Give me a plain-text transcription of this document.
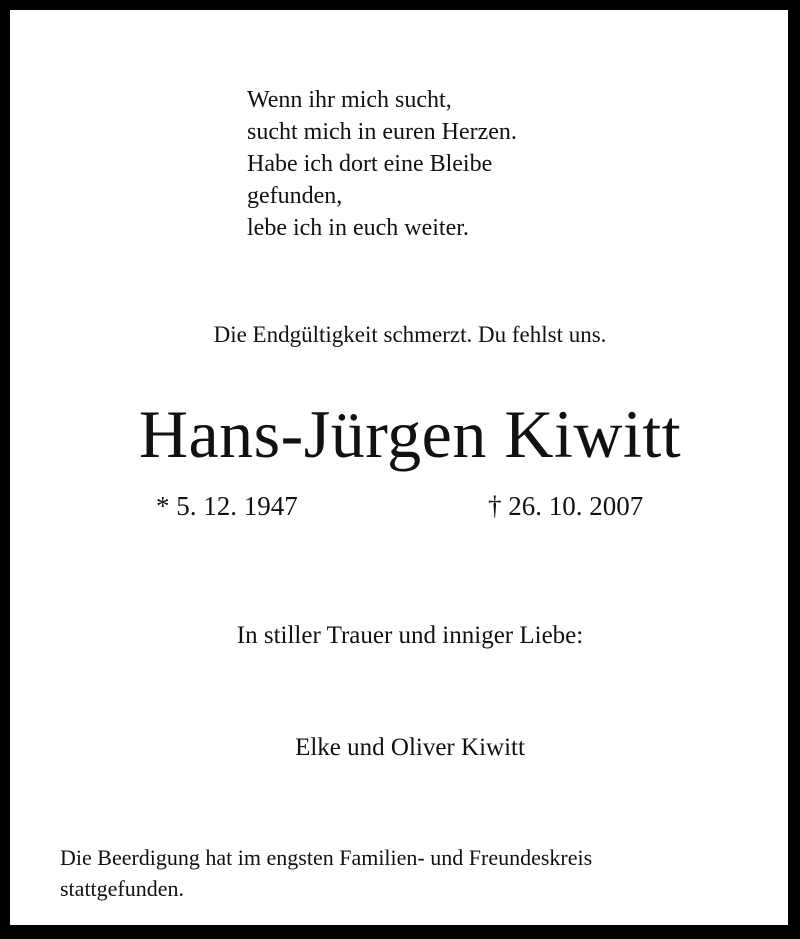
Wenn ihr mich sucht,
sucht mich in euren Herzen.
Habe ich dort eine Bleibe
gefunden,
lebe ich in euch weiter.

Die Endgültigkeit schmerzt. Du fehlst uns.

Hans-Jürgen Kiwitt

* 5. 12. 1947	† 26. 10. 2007

In stiller Trauer und inniger Liebe:

Elke und Oliver Kiwitt

Die Beerdigung hat im engsten Familien- und Freundeskreis
stattgefunden.
